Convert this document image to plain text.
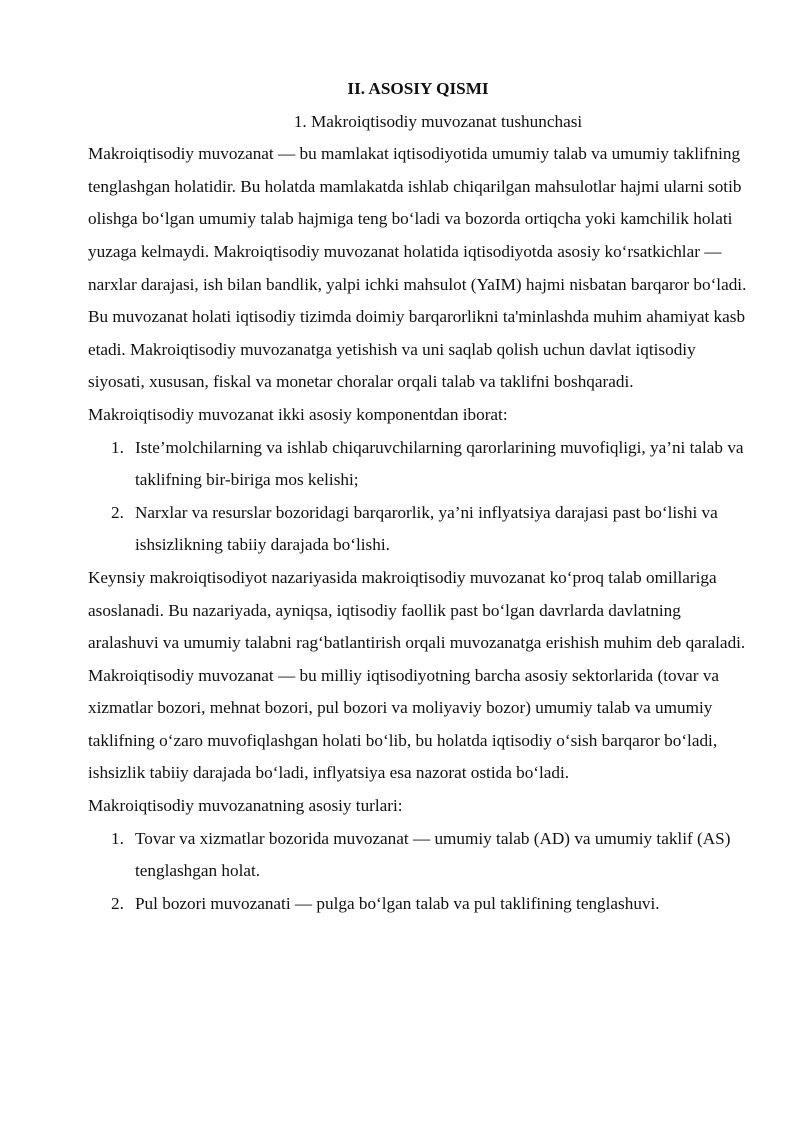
II. ASOSIY QISMI
1. Makroiqtisodiy muvozanat tushunchasi

Makroiqtisodiy muvozanat — bu mamlakat iqtisodiyotida umumiy talab va umumiy taklifning tenglashgan holatidir. Bu holatda mamlakatda ishlab chiqarilgan mahsulotlar hajmi ularni sotib olishga bo‘lgan umumiy talab hajmiga teng bo‘ladi va bozorda ortiqcha yoki kamchilik holati yuzaga kelmaydi. Makroiqtisodiy muvozanat holatida iqtisodiyotda asosiy ko‘rsatkichlar — narxlar darajasi, ish bilan bandlik, yalpi ichki mahsulot (YaIM) hajmi nisbatan barqaror bo‘ladi.

Bu muvozanat holati iqtisodiy tizimda doimiy barqarorlikni ta'minlashda muhim ahamiyat kasb etadi. Makroiqtisodiy muvozanatga yetishish va uni saqlab qolish uchun davlat iqtisodiy siyosati, xususan, fiskal va monetar choralar orqali talab va taklifni boshqaradi.

Makroiqtisodiy muvozanat ikki asosiy komponentdan iborat:

1. Iste’molchilarning va ishlab chiqaruvchilarning qarorlarining muvofiqligi, ya’ni talab va taklifning bir-biriga mos kelishi;
2. Narxlar va resurslar bozoridagi barqarorlik, ya’ni inflyatsiya darajasi past bo‘lishi va ishsizlikning tabiiy darajada bo‘lishi.

Keynsiy makroiqtisodiyot nazariyasida makroiqtisodiy muvozanat ko‘proq talab omillariga asoslanadi. Bu nazariyada, ayniqsa, iqtisodiy faollik past bo‘lgan davrlarda davlatning aralashuvi va umumiy talabni rag‘batlantirish orqali muvozanatga erishish muhim deb qaraladi.

Makroiqtisodiy muvozanat — bu milliy iqtisodiyotning barcha asosiy sektorlarida (tovar va xizmatlar bozori, mehnat bozori, pul bozori va moliyaviy bozor) umumiy talab va umumiy taklifning o‘zaro muvofiqlashgan holati bo‘lib, bu holatda iqtisodiy o‘sish barqaror bo‘ladi, ishsizlik tabiiy darajada bo‘ladi, inflyatsiya esa nazorat ostida bo‘ladi.

Makroiqtisodiy muvozanatning asosiy turlari:

1. Tovar va xizmatlar bozorida muvozanat — umumiy talab (AD) va umumiy taklif (AS) tenglashgan holat.
2. Pul bozori muvozanati — pulga bo‘lgan talab va pul taklifining tenglashuvi.
